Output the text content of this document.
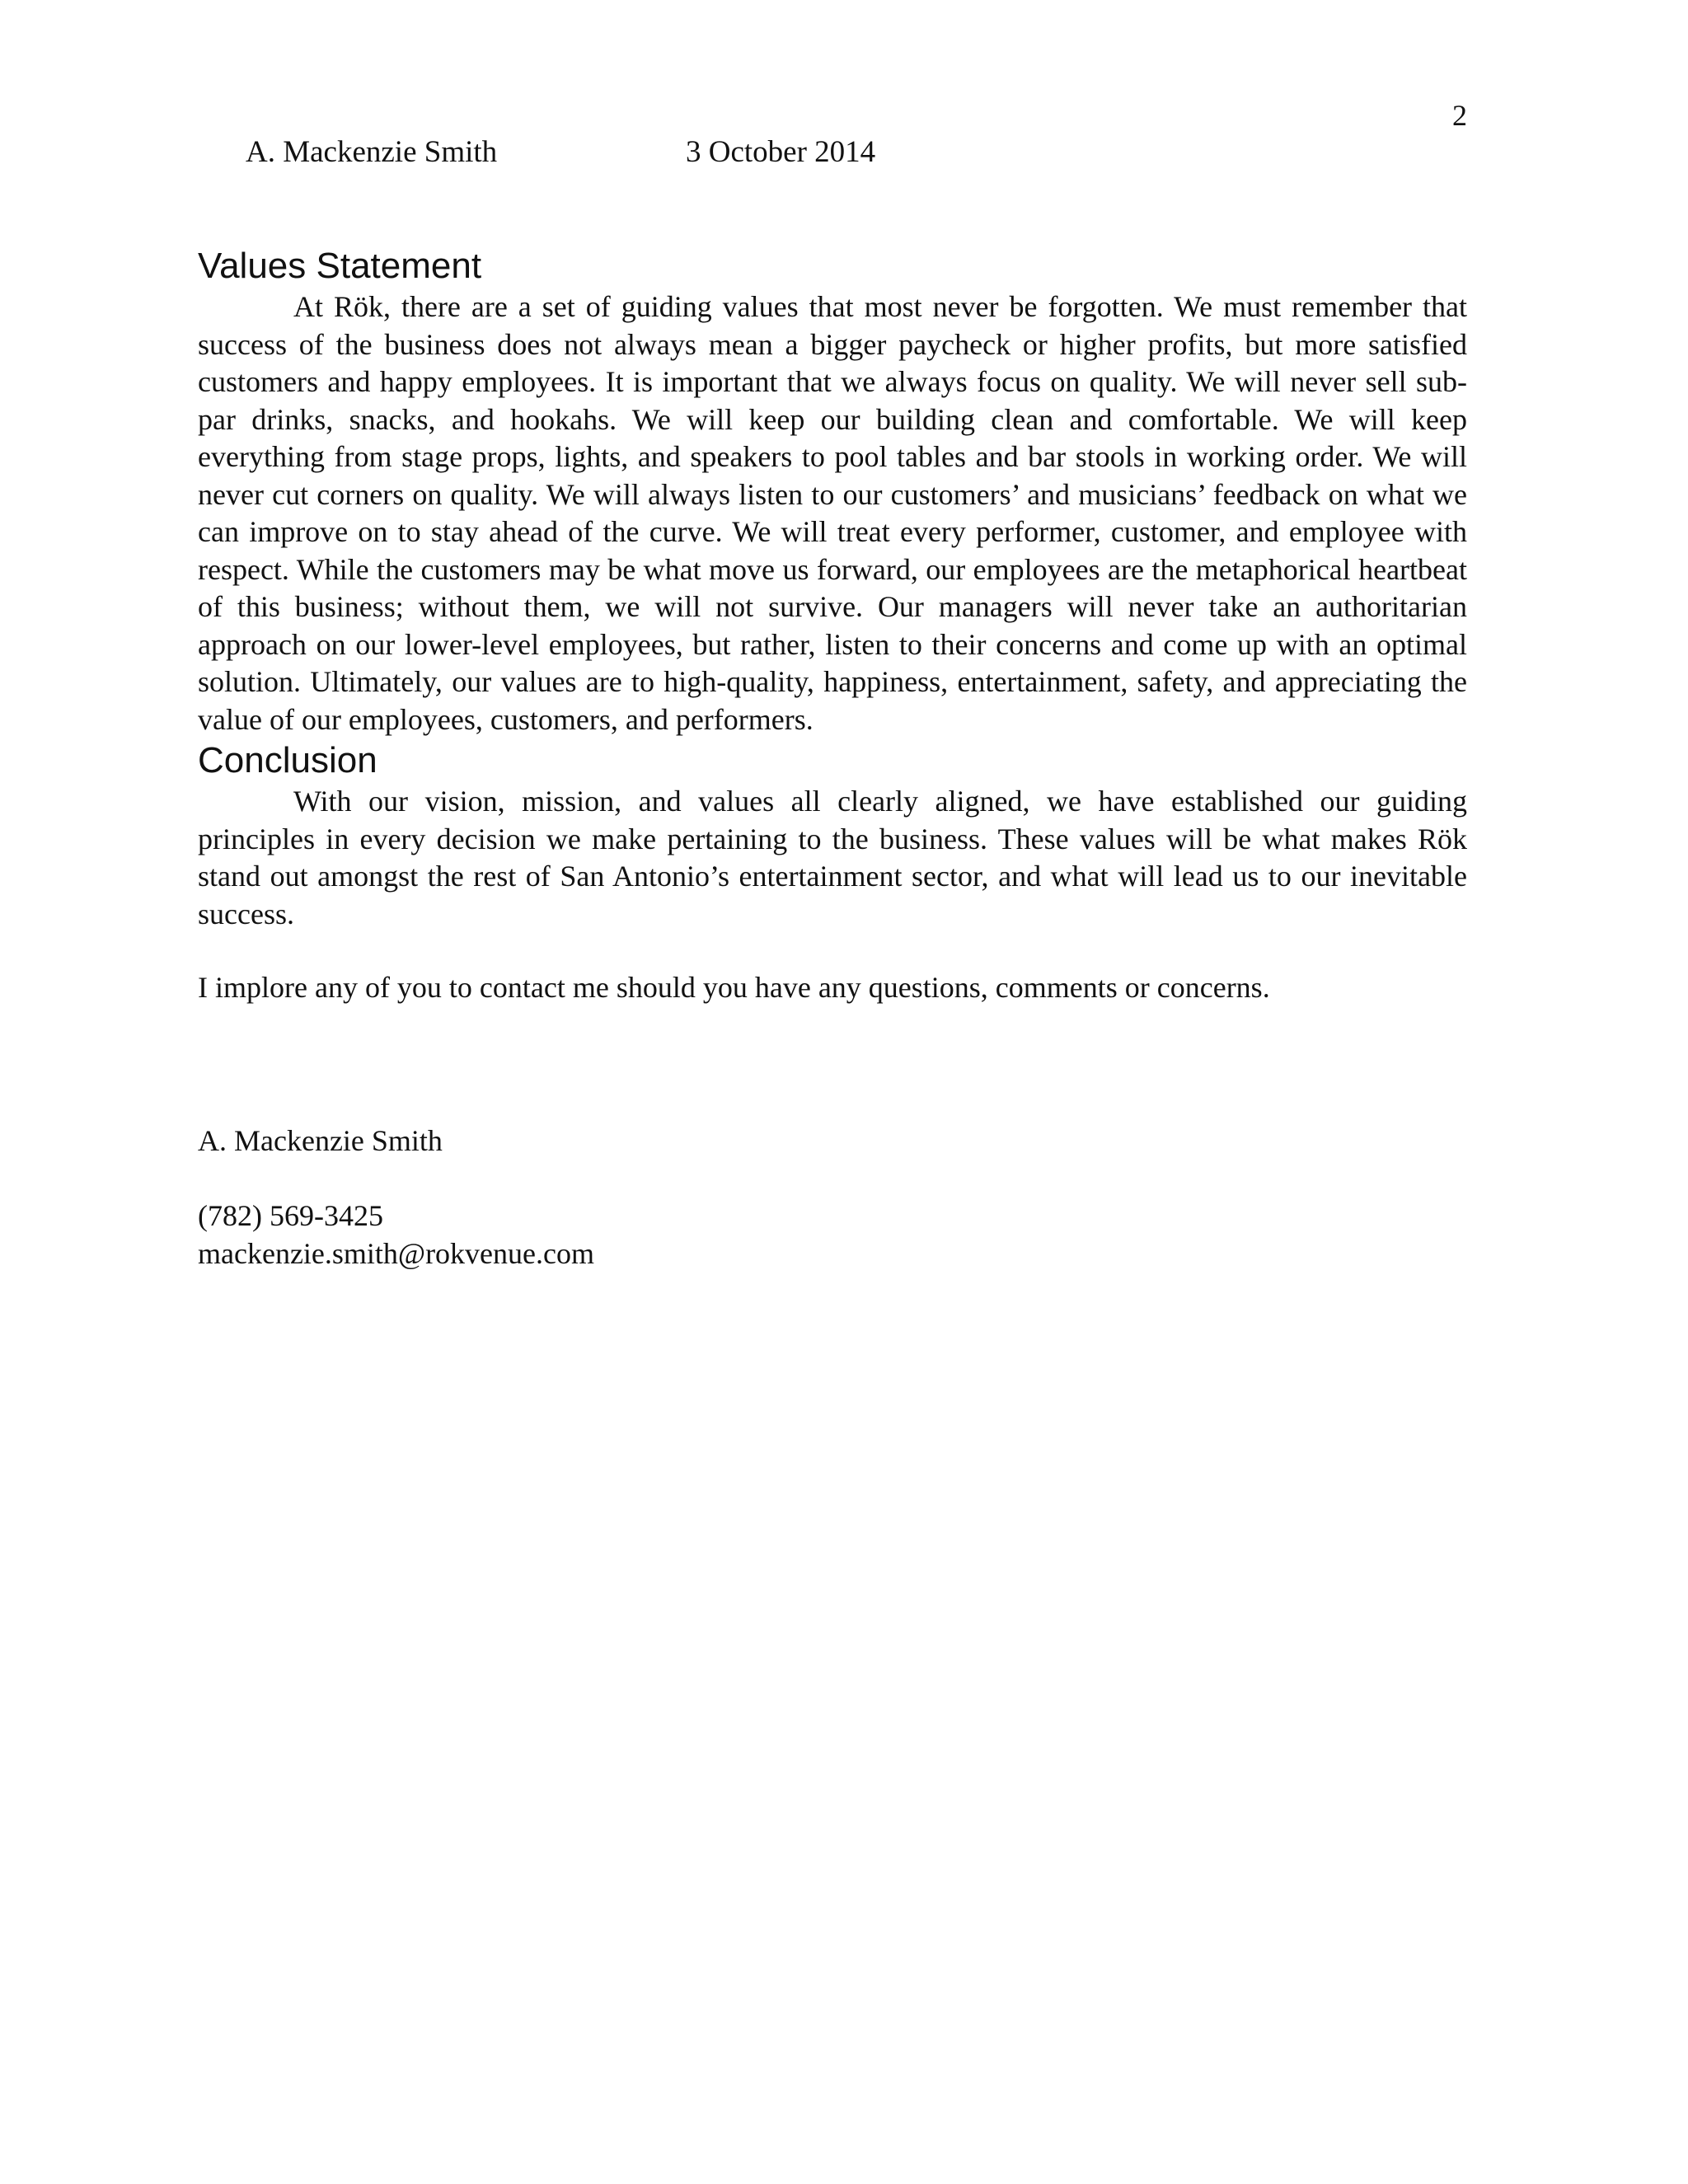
2
A. Mackenzie Smith	3 October 2014
Values Statement

At Rök, there are a set of guiding values that most never be forgotten. We must remember that success of the business does not always mean a bigger paycheck or higher profits, but more satisfied customers and happy employees. It is important that we always focus on quality. We will never sell sub-par drinks, snacks, and hookahs. We will keep our building clean and comfortable. We will keep everything from stage props, lights, and speakers to pool tables and bar stools in working order. We will never cut corners on quality. We will always listen to our customers’ and musicians’ feedback on what we can improve on to stay ahead of the curve. We will treat every performer, customer, and employee with respect. While the customers may be what move us forward, our employees are the metaphorical heartbeat of this business; without them, we will not survive. Our managers will never take an authoritarian approach on our lower-level employees, but rather, listen to their concerns and come up with an optimal solution. Ultimately, our values are to high-quality, happiness, entertainment, safety, and appreciating the value of our employees, customers, and performers.

Conclusion

With our vision, mission, and values all clearly aligned, we have established our guiding principles in every decision we make pertaining to the business. These values will be what makes Rök stand out amongst the rest of San Antonio’s entertainment sector, and what will lead us to our inevitable success.

I implore any of you to contact me should you have any questions, comments or concerns.

A. Mackenzie Smith

(782) 569-3425

mackenzie.smith@rokvenue.com
